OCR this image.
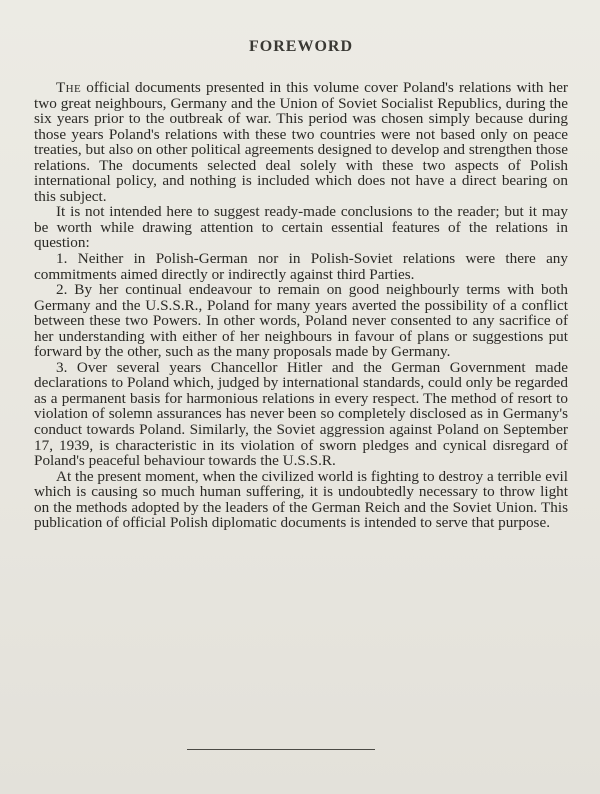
FOREWORD

The official documents presented in this volume cover Poland's relations with her two great neighbours, Germany and the Union of Soviet Socialist Republics, during the six years prior to the outbreak of war. This period was chosen simply because during those years Poland's relations with these two countries were not based only on peace treaties, but also on other political agreements designed to develop and strengthen those relations. The documents selected deal solely with these two aspects of Polish international policy, and nothing is included which does not have a direct bearing on this subject.

It is not intended here to suggest ready-made conclusions to the reader; but it may be worth while drawing attention to certain essential features of the relations in question:

1. Neither in Polish-German nor in Polish-Soviet relations were there any commitments aimed directly or indirectly against third Parties.

2. By her continual endeavour to remain on good neighbourly terms with both Germany and the U.S.S.R., Poland for many years averted the possibility of a conflict between these two Powers. In other words, Poland never consented to any sacrifice of her understanding with either of her neighbours in favour of plans or suggestions put forward by the other, such as the many proposals made by Germany.

3. Over several years Chancellor Hitler and the German Government made declarations to Poland which, judged by international standards, could only be regarded as a permanent basis for harmonious relations in every respect. The method of resort to violation of solemn assurances has never been so completely disclosed as in Germany's conduct towards Poland. Similarly, the Soviet aggression against Poland on September 17, 1939, is characteristic in its violation of sworn pledges and cynical disregard of Poland's peaceful behaviour towards the U.S.S.R.

At the present moment, when the civilized world is fighting to destroy a terrible evil which is causing so much human suffering, it is undoubtedly necessary to throw light on the methods adopted by the leaders of the German Reich and the Soviet Union. This publication of official Polish diplomatic documents is intended to serve that purpose.
